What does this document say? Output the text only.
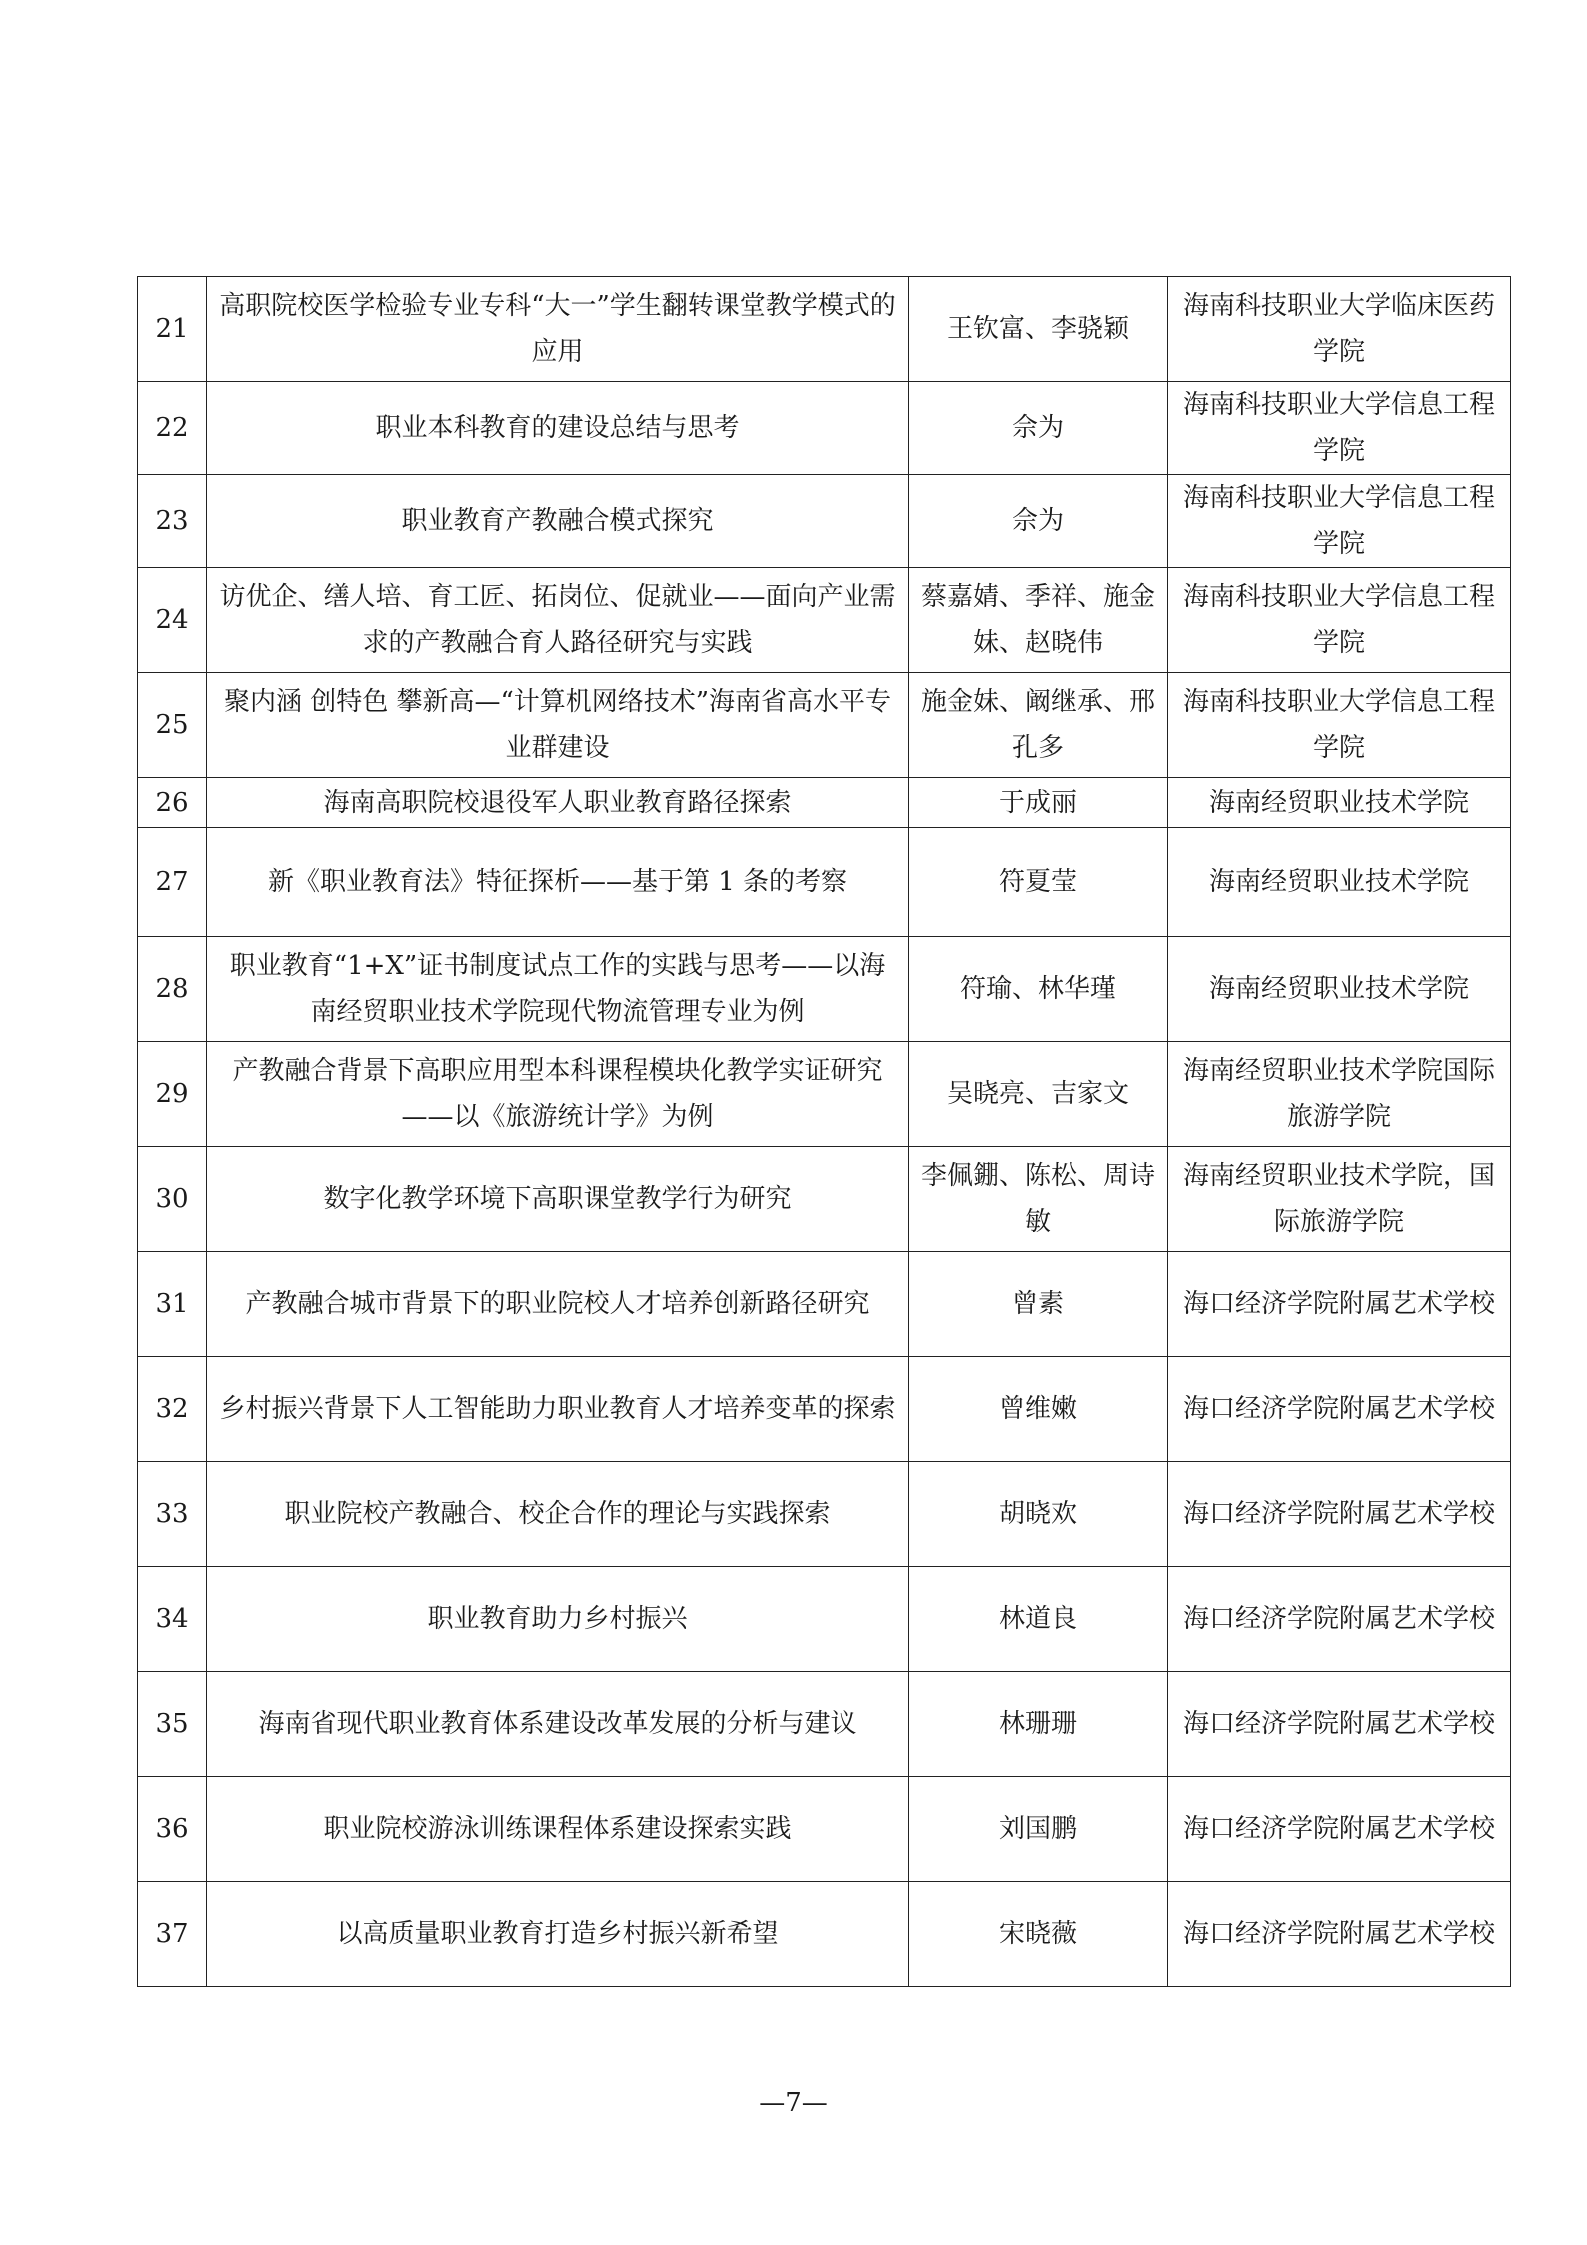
21	高职院校医学检验专业专科“大一”学生翻转课堂教学模式的应用	王钦富、李骁颖	海南科技职业大学临床医药学院
22	职业本科教育的建设总结与思考	佘为	海南科技职业大学信息工程学院
23	职业教育产教融合模式探究	佘为	海南科技职业大学信息工程学院
24	访优企、缮人培、育工匠、拓岗位、促就业——面向产业需求的产教融合育人路径研究与实践	蔡嘉婧、季祥、施金妹、赵晓伟	海南科技职业大学信息工程学院
25	聚内涵 创特色 攀新高—“计算机网络技术”海南省高水平专业群建设	施金妹、阚继承、邢孔多	海南科技职业大学信息工程学院
26	海南高职院校退役军人职业教育路径探索	于成丽	海南经贸职业技术学院
27	新《职业教育法》特征探析——基于第 1 条的考察	符夏莹	海南经贸职业技术学院
28	职业教育“1+X”证书制度试点工作的实践与思考——以海南经贸职业技术学院现代物流管理专业为例	符瑜、林华瑾	海南经贸职业技术学院
29	产教融合背景下高职应用型本科课程模块化教学实证研究——以《旅游统计学》为例	吴晓亮、吉家文	海南经贸职业技术学院国际旅游学院
30	数字化教学环境下高职课堂教学行为研究	李佩錋、陈松、周诗敏	海南经贸职业技术学院，国际旅游学院
31	产教融合城市背景下的职业院校人才培养创新路径研究	曾素	海口经济学院附属艺术学校
32	乡村振兴背景下人工智能助力职业教育人才培养变革的探索	曾维嫩	海口经济学院附属艺术学校
33	职业院校产教融合、校企合作的理论与实践探索	胡晓欢	海口经济学院附属艺术学校
34	职业教育助力乡村振兴	林道良	海口经济学院附属艺术学校
35	海南省现代职业教育体系建设改革发展的分析与建议	林珊珊	海口经济学院附属艺术学校
36	职业院校游泳训练课程体系建设探索实践	刘国鹏	海口经济学院附属艺术学校
37	以高质量职业教育打造乡村振兴新希望	宋晓薇	海口经济学院附属艺术学校
—7—
